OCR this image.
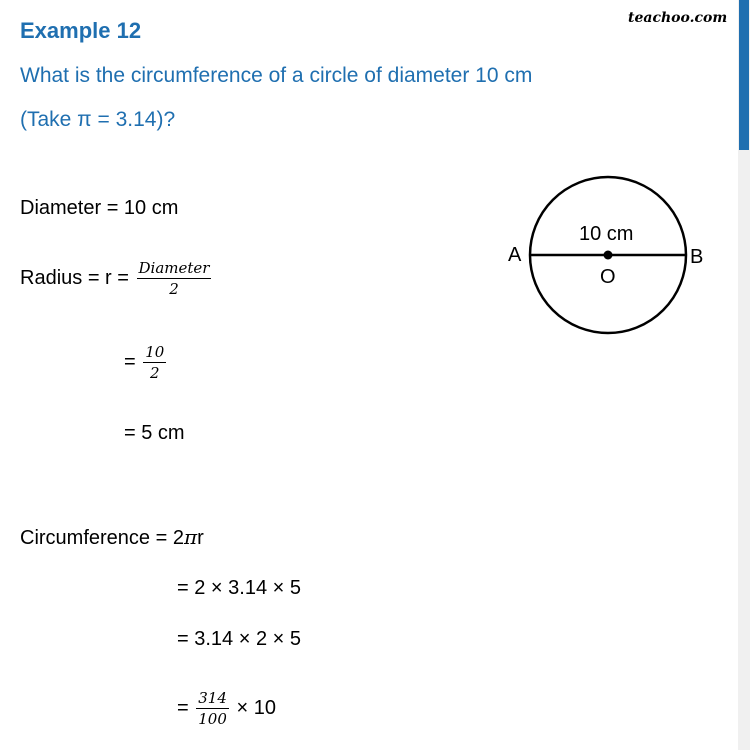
Example 12	teachoo.com
What is the circumference of a circle of diameter 10 cm
(Take π = 3.14)?
Diameter = 10 cm
Radius = $r = \frac{\text{Diameter}}{2}$
= $\frac{10}{2}$
= 5 cm
Circumference = 2πr
= 2 × 3.14 × 5
= 3.14 × 2 × 5
= $\frac{314}{100} \times 10$
10 cm
A	B
O
